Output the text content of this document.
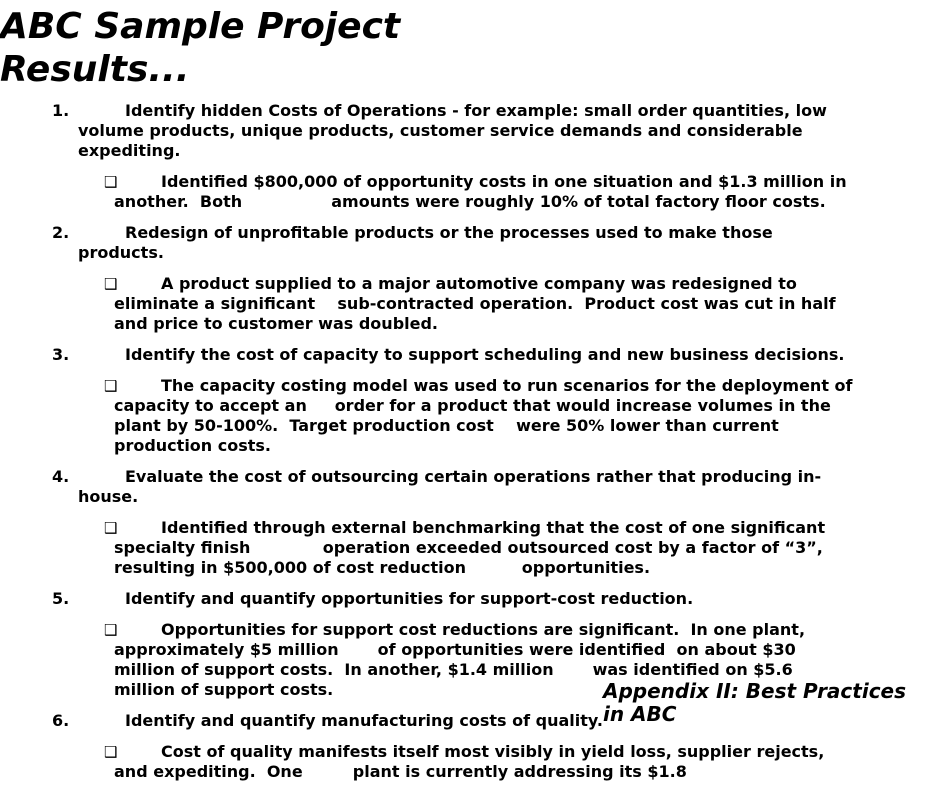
ABC Sample Project
Results...
1.	Identify hidden Costs of Operations - for example: small order quantities, low volume products, unique products, customer service demands and considerable expediting.
❑	Identified $800,000 of opportunity costs in one situation and $1.3 million in another.  Both                amounts were roughly 10% of total factory floor costs.
2.	Redesign of unprofitable products or the processes used to make those products.
❑	A product supplied to a major automotive company was redesigned to eliminate a significant    sub-contracted operation.  Product cost was cut in half and price to customer was doubled.
3.	Identify the cost of capacity to support scheduling and new business decisions.
❑	The capacity costing model was used to run scenarios for the deployment of capacity to accept an     order for a product that would increase volumes in the plant by 50-100%.  Target production cost    were 50% lower than current production costs.
4.	Evaluate the cost of outsourcing certain operations rather that producing in-house.
❑	Identified through external benchmarking that the cost of one significant specialty finish             operation exceeded outsourced cost by a factor of “3”, resulting in $500,000 of cost reduction          opportunities.
5.	Identify and quantify opportunities for support-cost reduction.
❑	Opportunities for support cost reductions are significant.  In one plant, approximately $5 million       of opportunities were identified  on about $30 million of support costs.  In another, $1.4 million       was identified on $5.6 million of support costs.
6.	Identify and quantify manufacturing costs of quality.
❑	Cost of quality manifests itself most visibly in yield loss, supplier rejects, and expediting.  One         plant is currently addressing its $1.8
Appendix II: Best Practices
in ABC
